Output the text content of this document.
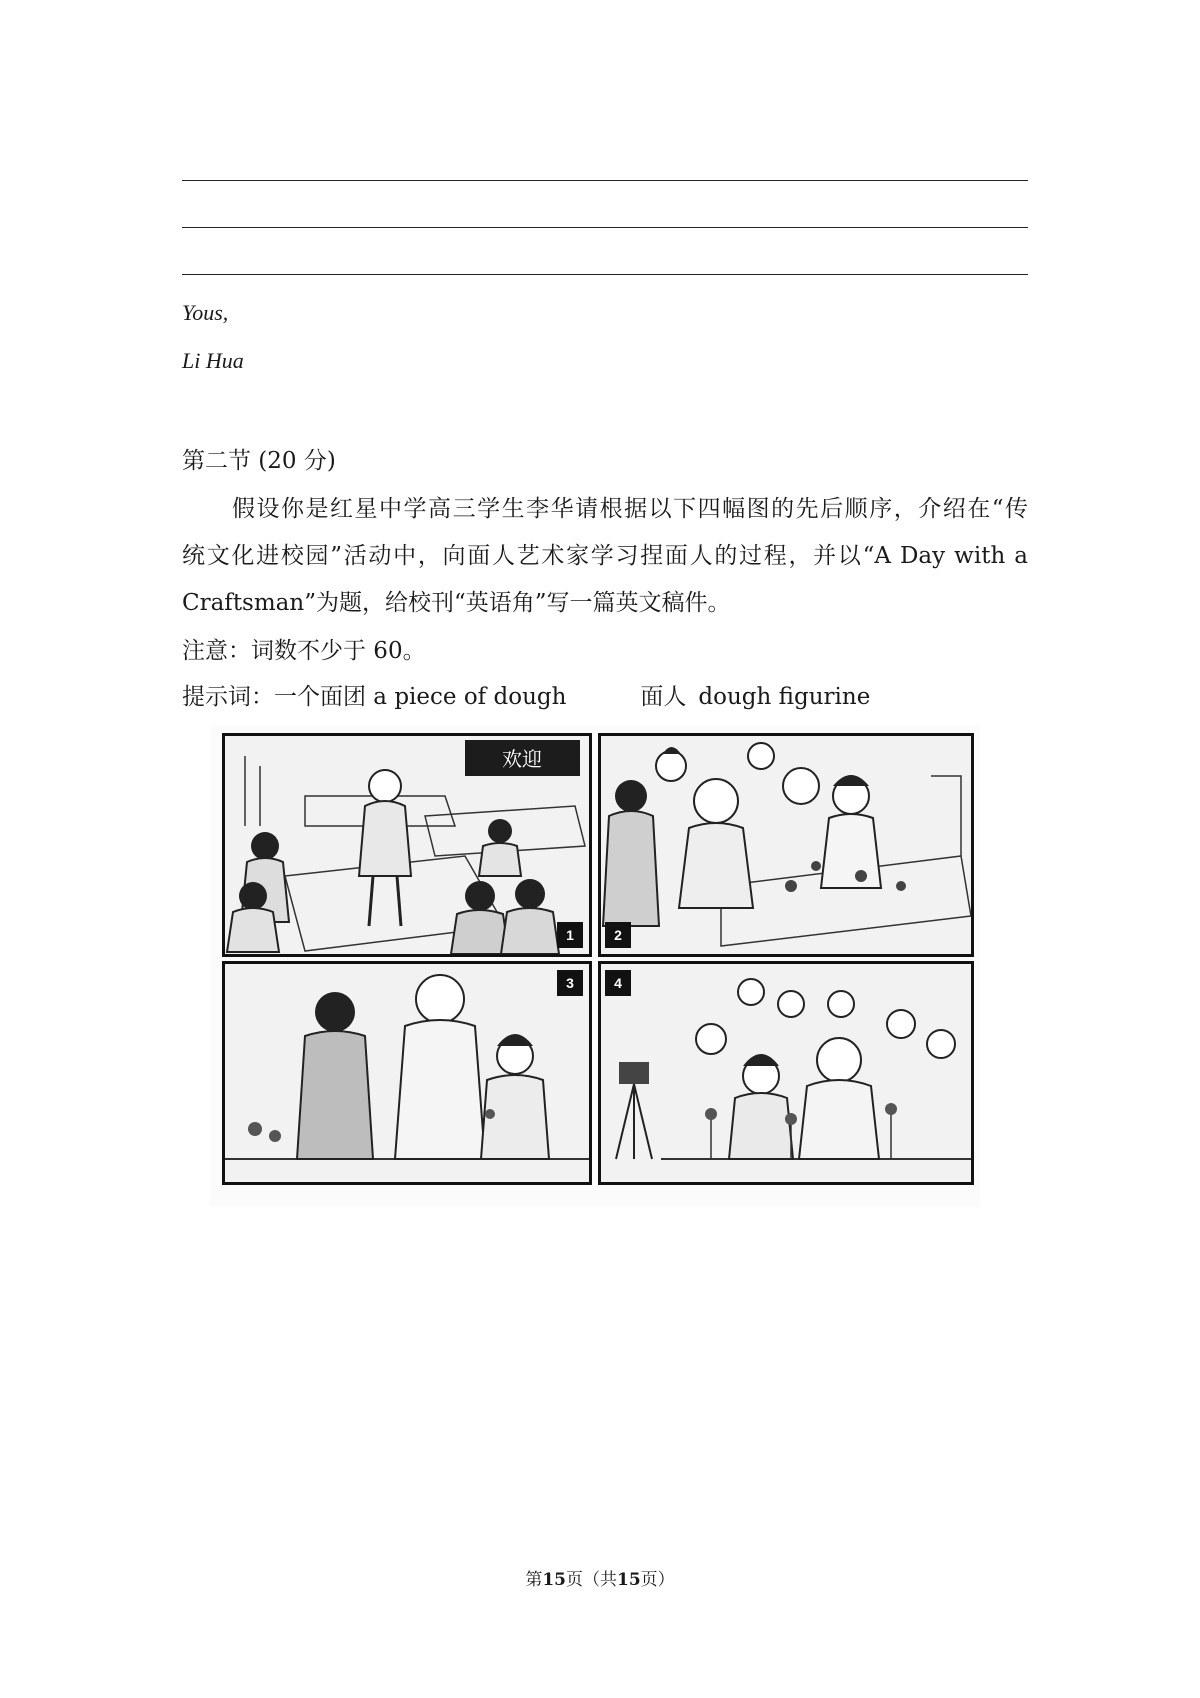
Yous,
Li Hua
第二节 (20 分)
假设你是红星中学高三学生李华请根据以下四幅图的先后顺序，介绍在“传
统文化进校园”活动中，向面人艺术家学习捏面人的过程，并以“A Day with a
Craftsman”为题，给校刊“英语角”写一篇英文稿件。
注意：词数不少于 60。
提示词：一个面团 a piece of dough	面人 dough figurine
欢迎
1	2
3	4
第15页（共15页）
